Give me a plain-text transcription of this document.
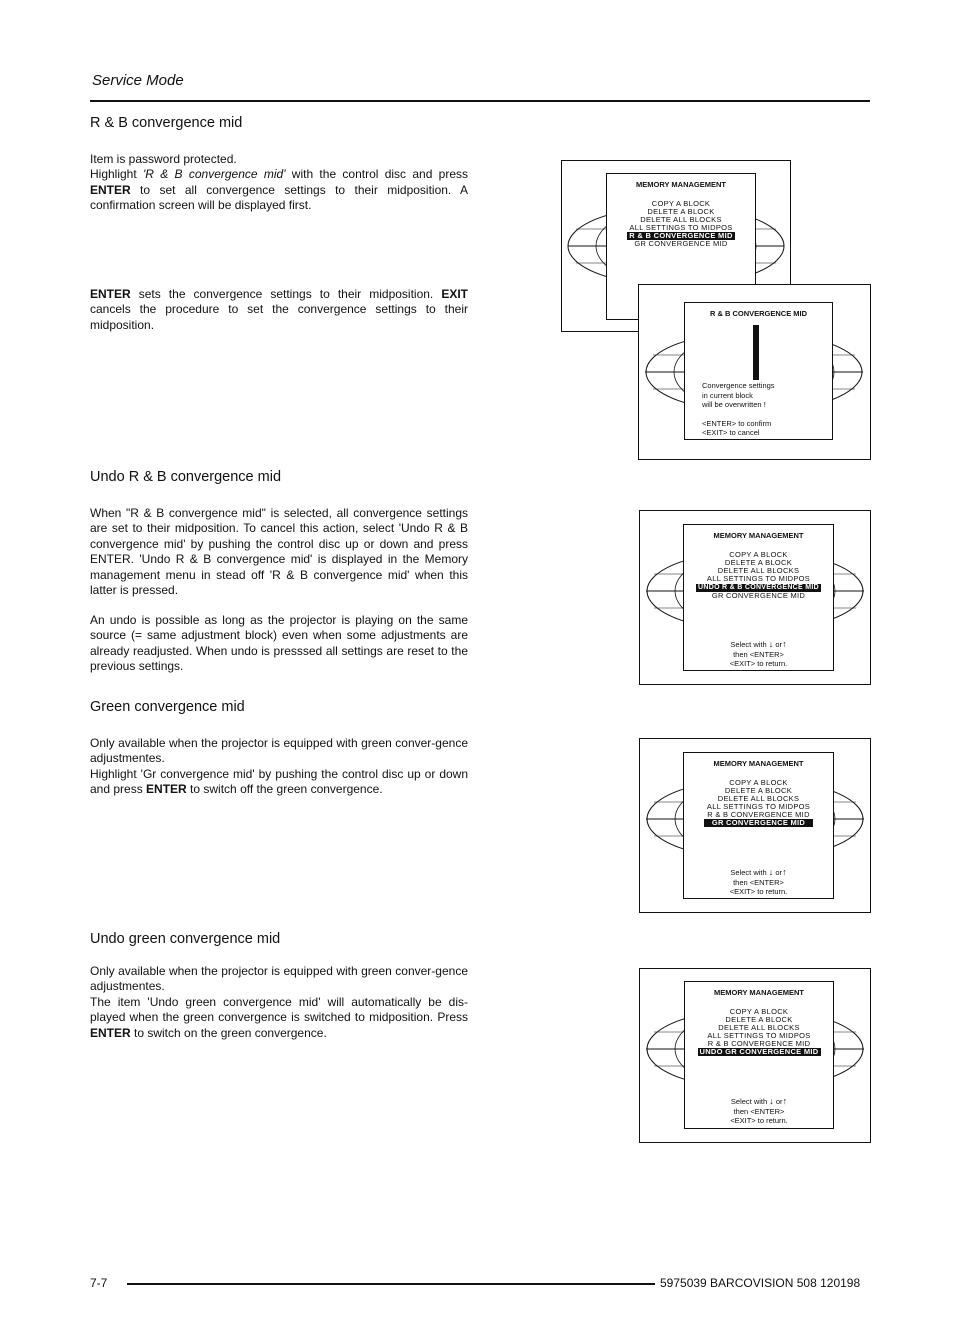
Service Mode
R & B convergence mid

Item is password protected.
Highlight 'R & B convergence mid' with the control disc and press ENTER to set all convergence settings to their midposition. A confirmation screen will be displayed first.

ENTER sets the convergence settings to their midposition. EXIT cancels the procedure to set the convergence settings to their midposition.

Undo R & B convergence mid

When "R & B convergence mid" is selected, all convergence settings are set to their midposition. To cancel this action, select 'Undo R & B convergence mid' by pushing the control disc up or down and press ENTER. 'Undo R & B convergence mid' is displayed in the Memory management menu in stead off 'R & B convergence mid' when this latter is pressed.

An undo is possible as long as the projector is playing on the same source (= same adjustment block) even when some adjustments are already readjusted. When undo is presssed all settings are reset to the previous settings.

Green convergence mid

Only available when the projector is equipped with green conver-gence adjustmentes.
Highlight 'Gr convergence mid' by pushing the control disc up or down and press ENTER to switch off the green convergence.

Undo green convergence mid

Only available when the projector is equipped with green conver-gence adjustmentes.
The item 'Undo green convergence mid' will automatically be dis-played when the green convergence is switched to midposition. Press ENTER to switch on the green convergence.

MEMORY MANAGEMENT
COPY A BLOCK
DELETE A BLOCK
DELETE ALL BLOCKS
ALL SETTINGS TO MIDPOS
R & B CONVERGENCE MID
GR CONVERGENCE MID
R & B CONVERGENCE MID
Convergence settings
in current block
will be overwritten !
<ENTER> to confirm
<EXIT> to cancel
MEMORY MANAGEMENT
COPY A BLOCK
DELETE A BLOCK
DELETE ALL BLOCKS
ALL SETTINGS TO MIDPOS
UNDO R & B CONVERGENCE MID
GR CONVERGENCE MID
Select with ↓ or↑
then <ENTER>
<EXIT> to return.
MEMORY MANAGEMENT
COPY A BLOCK
DELETE A BLOCK
DELETE ALL BLOCKS
ALL SETTINGS TO MIDPOS
R & B CONVERGENCE MID
GR CONVERGENCE MID
Select with ↓ or↑
then <ENTER>
<EXIT> to return.
MEMORY MANAGEMENT
COPY A BLOCK
DELETE A BLOCK
DELETE ALL BLOCKS
ALL SETTINGS TO MIDPOS
R & B CONVERGENCE MID
UNDO GR CONVERGENCE MID
Select with ↓ or↑
then <ENTER>
<EXIT> to return.
7-7	5975039 BARCOVISION 508 120198
